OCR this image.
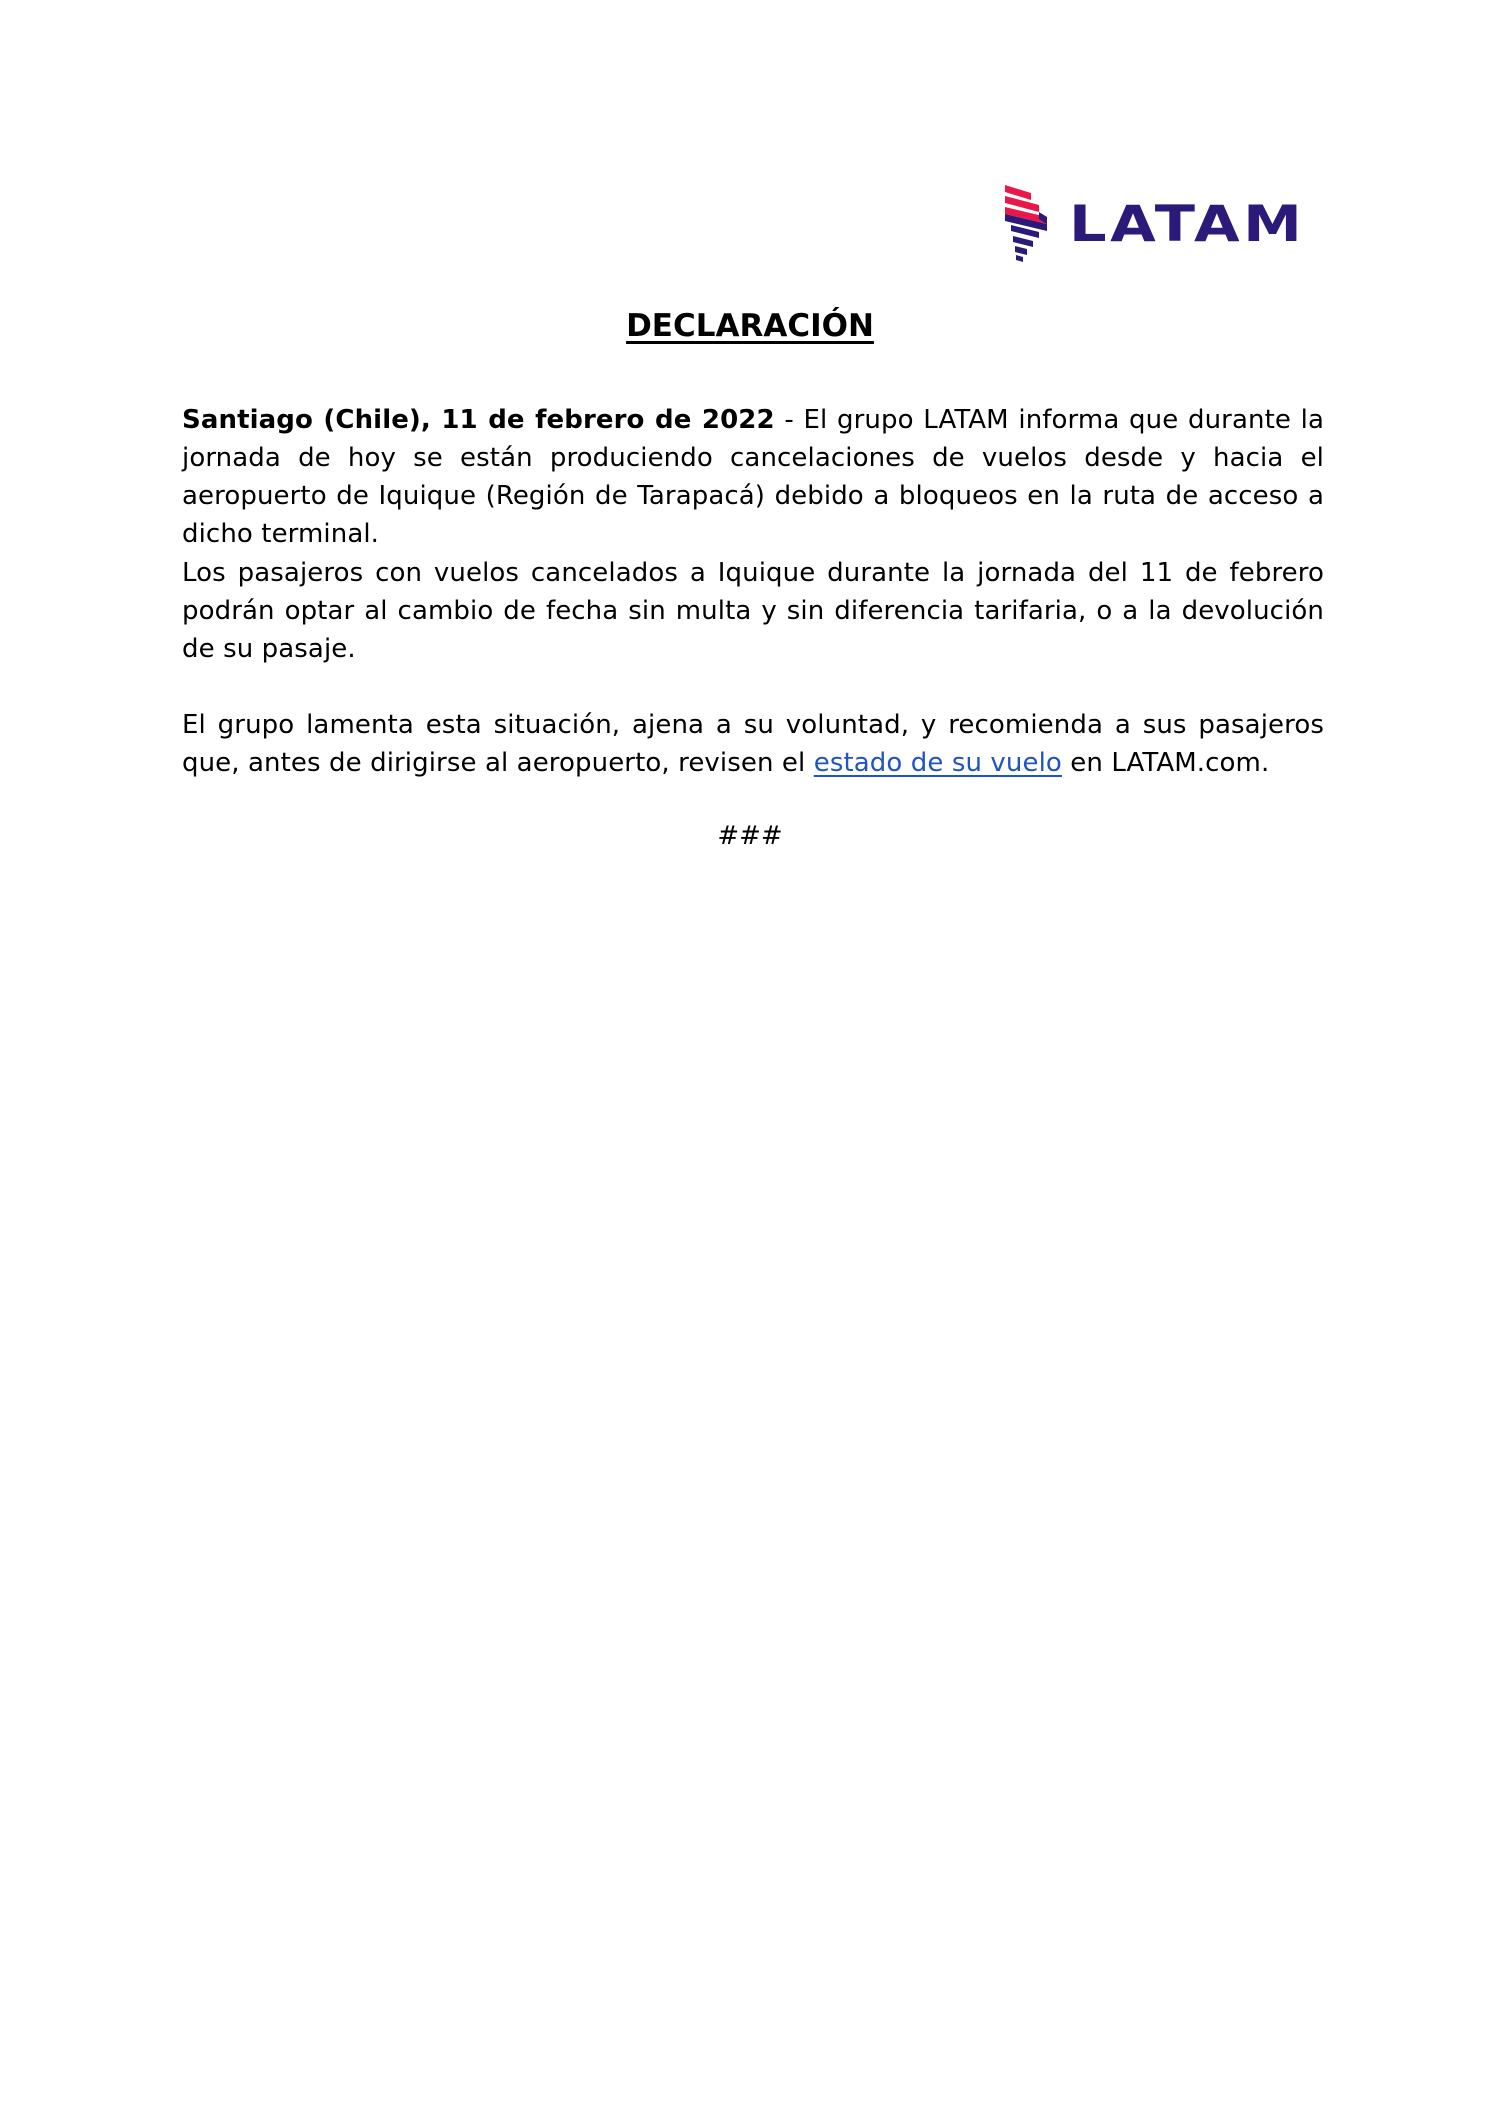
LATAM
DECLARACIÓN

Santiago (Chile), 11 de febrero de 2022 - El grupo LATAM informa que durante la jornada de hoy se están produciendo cancelaciones de vuelos desde y hacia el aeropuerto de Iquique (Región de Tarapacá) debido a bloqueos en la ruta de acceso a dicho terminal.

Los pasajeros con vuelos cancelados a Iquique durante la jornada del 11 de febrero podrán optar al cambio de fecha sin multa y sin diferencia tarifaria, o a la devolución de su pasaje.

El grupo lamenta esta situación, ajena a su voluntad, y recomienda a sus pasajeros que, antes de dirigirse al aeropuerto, revisen el estado de su vuelo en LATAM.com.

###
